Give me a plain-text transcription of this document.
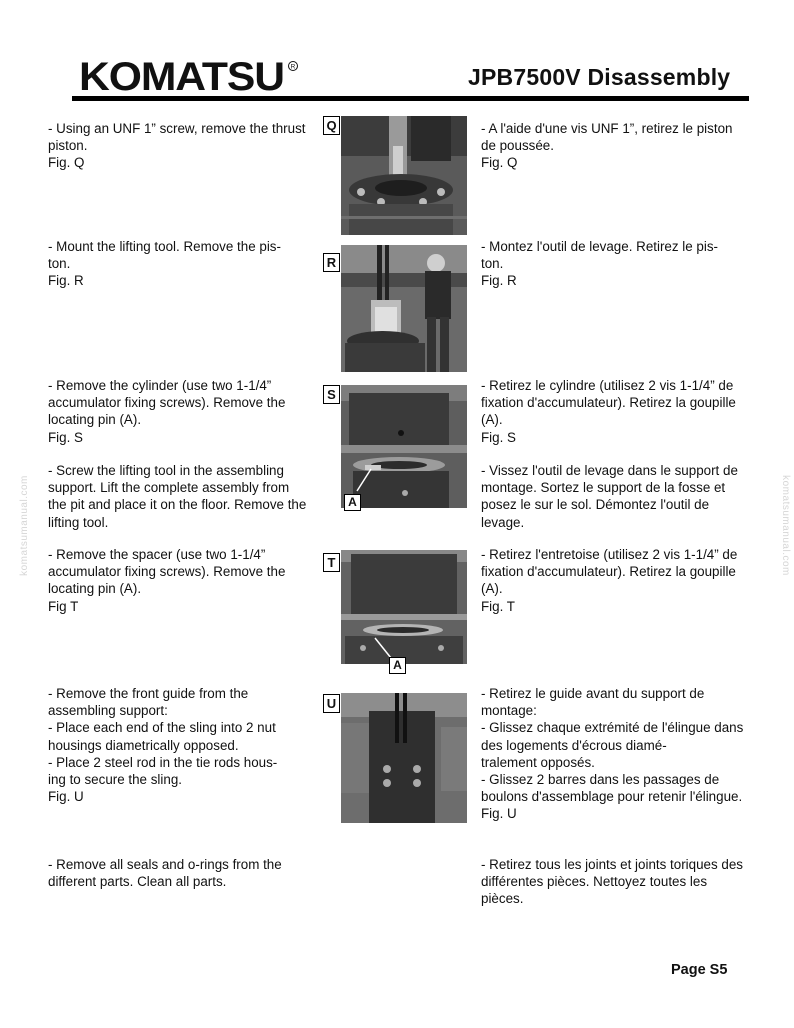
KOMATSU R	JPB7500V Disassembly
komatsumanual.com	komatsumanual.com
- Using an UNF 1” screw, remove the thrust piston.
Fig. Q
- Mount the lifting tool. Remove the pis-
ton.
Fig. R
- Remove the cylinder (use two 1-1/4” accumulator fixing screws). Remove the locating pin (A).
Fig. S
- Screw the lifting tool in the assembling support. Lift the complete assembly from the pit and place it on the floor. Remove the lifting tool.
- Remove the spacer (use two 1-1/4” accumulator fixing screws). Remove the locating pin (A).
Fig T
- Remove the front guide from the assembling support:
- Place each end of the sling into 2 nut housings diametrically opposed.
- Place 2 steel rod in the tie rods hous-
ing to secure the sling.
Fig. U
- Remove all seals and o-rings from the different parts. Clean all parts.
- A l'aide d'une vis UNF 1”, retirez le piston de poussée.
Fig. Q
- Montez l'outil de levage. Retirez le pis-
ton.
Fig. R
- Retirez le cylindre (utilisez 2 vis 1-1/4” de fixation d'accumulateur). Retirez la goupille (A).
Fig. S
- Vissez l'outil de levage dans le support de montage. Sortez le support de la fosse et posez le sur le sol. Démontez l'outil de levage.
- Retirez l'entretoise (utilisez 2 vis 1-1/4” de fixation d'accumulateur). Retirez la goupille (A).
Fig. T
- Retirez le guide avant du support de montage:
- Glissez chaque extrémité de l'élingue dans des logements d'écrous diamé-
tralement opposés.
- Glissez 2 barres dans les passages de boulons d'assemblage pour retenir l'élingue.
Fig. U
- Retirez tous les joints et joints toriques des différentes pièces. Nettoyez toutes les pièces.
Q
R
S
A
T
A
U
Page S5
